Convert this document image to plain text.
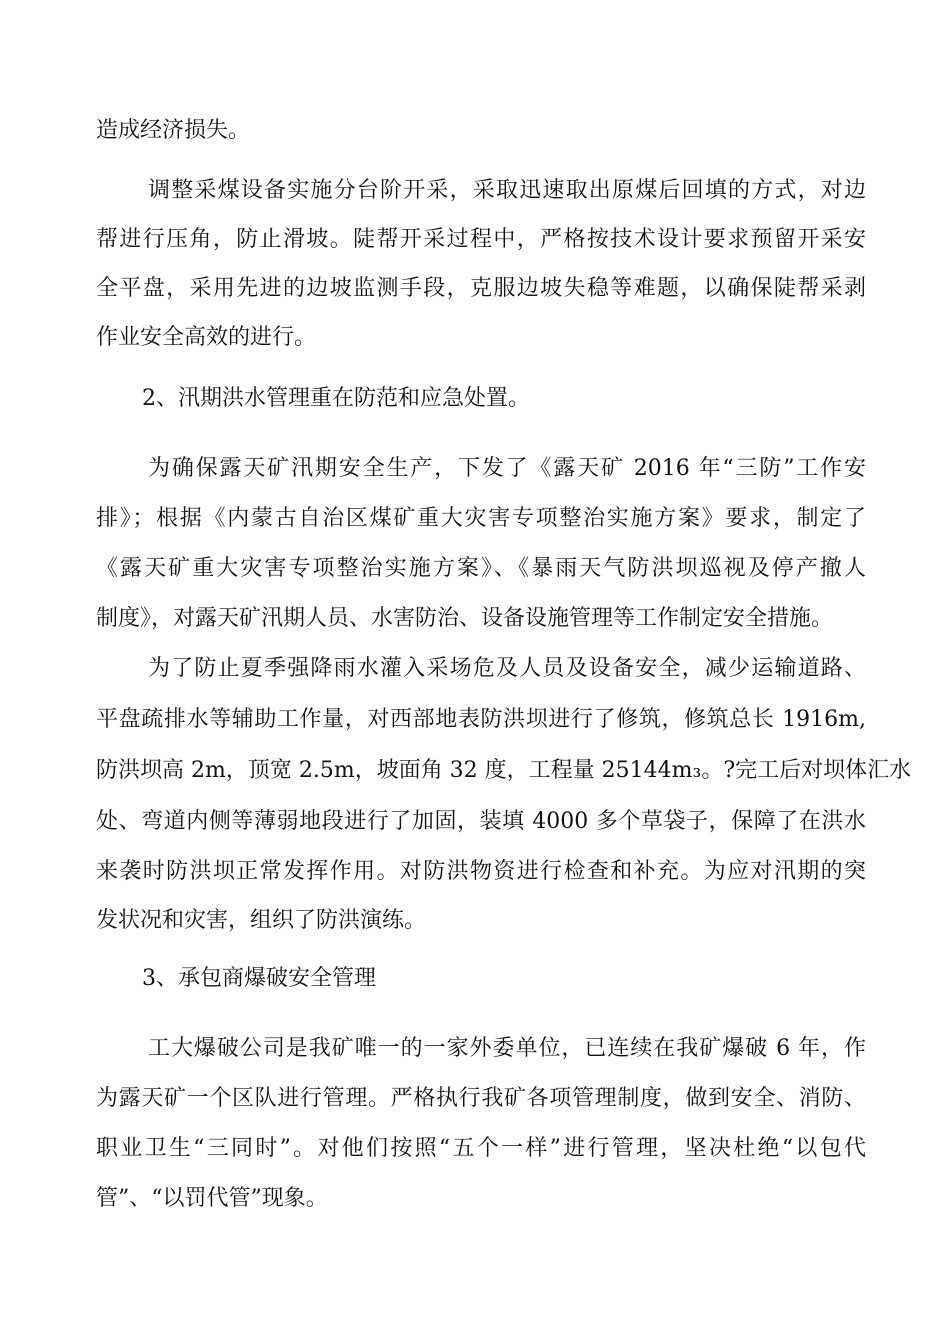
造成经济损失。
调整采煤设备实施分台阶开采，采取迅速取出原煤后回填的方式，对边
帮进行压角，防止滑坡。陡帮开采过程中，严格按技术设计要求预留开采安
全平盘，采用先进的边坡监测手段，克服边坡失稳等难题，以确保陡帮采剥
作业安全高效的进行。
2、汛期洪水管理重在防范和应急处置。
为确保露天矿汛期安全生产，下发了《露天矿 2016 年“三防”工作安
排》；根据《内蒙古自治区煤矿重大灾害专项整治实施方案》要求，制定了
《露天矿重大灾害专项整治实施方案》、《暴雨天气防洪坝巡视及停产撤人
制度》，对露天矿汛期人员、水害防治、设备设施管理等工作制定安全措施。
为了防止夏季强降雨水灌入采场危及人员及设备安全，减少运输道路、
平盘疏排水等辅助工作量，对西部地表防洪坝进行了修筑，修筑总长 1916m,
防洪坝高 2m，顶宽 2.5m，坡面角 32 度，工程量 25144m₃。?完工后对坝体汇水
处、弯道内侧等薄弱地段进行了加固，装填 4000 多个草袋子，保障了在洪水
来袭时防洪坝正常发挥作用。对防洪物资进行检查和补充。为应对汛期的突
发状况和灾害，组织了防洪演练。
3、承包商爆破安全管理
工大爆破公司是我矿唯一的一家外委单位，已连续在我矿爆破 6 年，作
为露天矿一个区队进行管理。严格执行我矿各项管理制度，做到安全、消防、
职业卫生“三同时”。对他们按照“五个一样”进行管理，坚决杜绝“以包代
管”、“以罚代管”现象。
